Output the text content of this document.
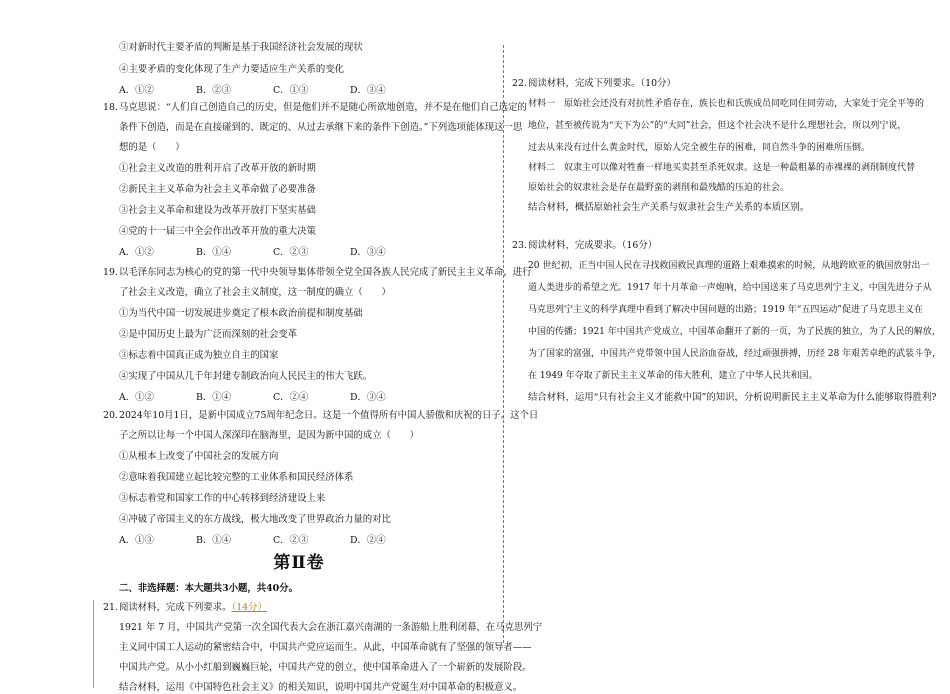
③对新时代主要矛盾的判断是基于我国经济社会发展的现状
④主要矛盾的变化体现了生产力要适应生产关系的变化
A．①②	B．②③	C．①③	D．③④
18. 马克思说：“人们自己创造自己的历史，但是他们并不是随心所欲地创造，并不是在他们自己选定的
条件下创造，而是在直接碰到的、既定的、从过去承继下来的条件下创造。”下列选项能体现这一思
想的是（　　）
①社会主义改造的胜利开启了改革开放的新时期
②新民主主义革命为社会主义革命做了必要准备
③社会主义革命和建设为改革开放打下坚实基础
④党的十一届三中全会作出改革开放的重大决策
A．①②	B．①④	C．②③	D．③④
19. 以毛泽东同志为核心的党的第一代中央领导集体带领全党全国各族人民完成了新民主主义革命，进行
了社会主义改造，确立了社会主义制度，这一制度的确立（　　）
①为当代中国一切发展进步奠定了根本政治前提和制度基础
②是中国历史上最为广泛而深刻的社会变革
③标志着中国真正成为独立自主的国家
④实现了中国从几千年封建专制政治向人民民主的伟大飞跃。
A．①②	B．①④	C．②④	D．③④
20. 2024年10月1日，是新中国成立75周年纪念日。这是一个值得所有中国人骄傲和庆祝的日子。这个日
子之所以让每一个中国人深深印在脑海里，是因为新中国的成立（　　）
①从根本上改变了中国社会的发展方向
②意味着我国建立起比较完整的工业体系和国民经济体系
③标志着党和国家工作的中心转移到经济建设上来
④冲破了帝国主义的东方战线，极大地改变了世界政治力量的对比
A．①③	B．①④	C．②③	D．②④
第Ⅱ卷
二、非选择题：本大题共3小题，共40分。
21. 阅读材料，完成下列要求。（14分）
1921 年 7 月，中国共产党第一次全国代表大会在浙江嘉兴南湖的一条游船上胜利闭幕，在马克思列宁
主义同中国工人运动的紧密结合中，中国共产党应运而生。从此，中国革命就有了坚强的领导者——
中国共产党。从小小红船到巍巍巨轮，中国共产党的创立，使中国革命进入了一个崭新的发展阶段。
结合材料，运用《中国特色社会主义》的相关知识，说明中国共产党诞生对中国革命的积极意义。
22. 阅读材料，完成下列要求。（10分）
材料一　原始社会还没有对抗性矛盾存在，族长也和氏族成员同吃同住同劳动，大家处于完全平等的
地位，甚至被传说为“天下为公”的“大同”社会，但这个社会决不是什么理想社会，所以列宁说，
过去从来没有过什么黄金时代，原始人完全被生存的困难，同自然斗争的困难所压倒。
材料二　奴隶主可以像对牲畜一样地买卖甚至杀死奴隶。这是一种最粗暴的赤裸裸的剥削制度代替
原始社会的奴隶社会是存在最野蛮的剥削和最残酷的压迫的社会。
结合材料，概括原始社会生产关系与奴隶社会生产关系的本质区别。
23. 阅读材料，完成要求。（16分）
20 世纪初，正当中国人民在寻找救国救民真理的道路上艰难摸索的时候，从地跨欧亚的俄国放射出一
道人类进步的希望之光。1917 年十月革命一声炮响，给中国送来了马克思列宁主义，中国先进分子从
马克思列宁主义的科学真理中看到了解决中国问题的出路；1919 年“五四运动”促进了马克思主义在
中国的传播；1921 年中国共产党成立，中国革命翻开了新的一页，为了民族的独立，为了人民的解放，
为了国家的富强，中国共产党带领中国人民浴血奋战，经过顽强拼搏，历经 28 年艰苦卓绝的武装斗争，
在 1949 年夺取了新民主主义革命的伟大胜利，建立了中华人民共和国。
结合材料，运用“只有社会主义才能救中国”的知识，分析说明新民主主义革命为什么能够取得胜利?
